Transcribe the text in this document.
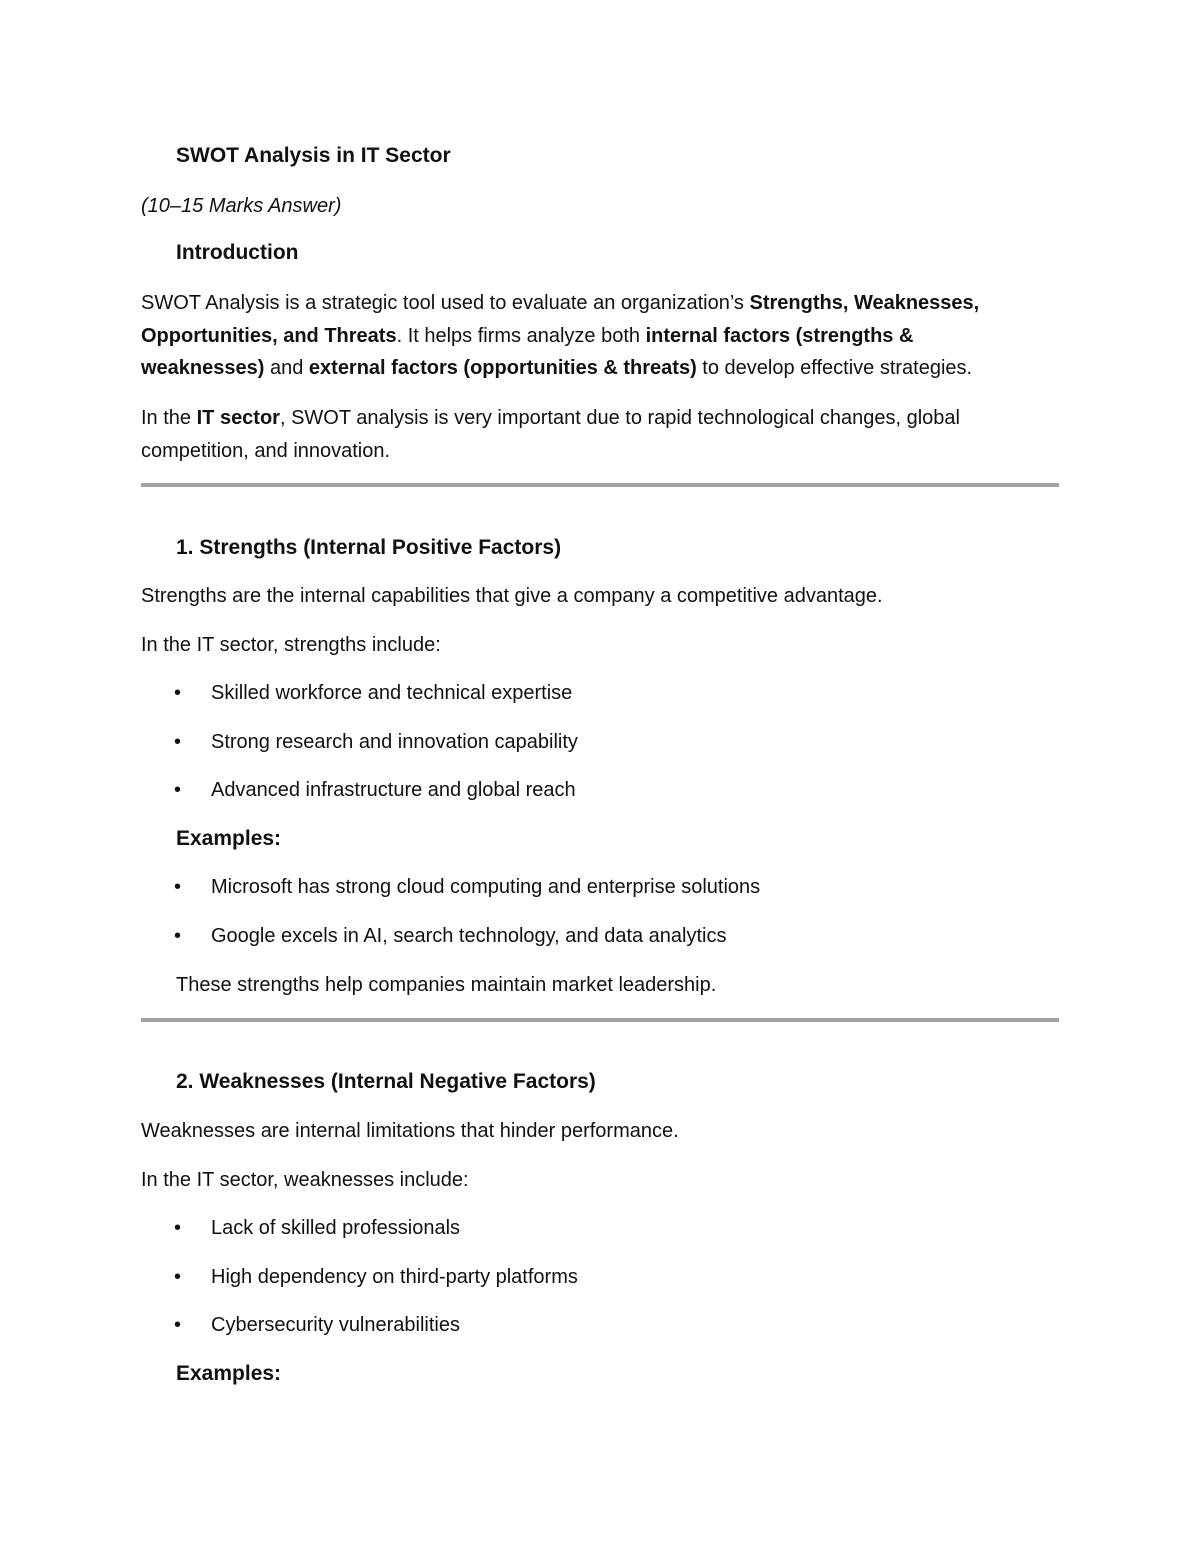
SWOT Analysis in IT Sector
(10–15 Marks Answer)
Introduction
SWOT Analysis is a strategic tool used to evaluate an organization’s Strengths, Weaknesses,
Opportunities, and Threats. It helps firms analyze both internal factors (strengths &
weaknesses) and external factors (opportunities & threats) to develop effective strategies.
In the IT sector, SWOT analysis is very important due to rapid technological changes, global
competition, and innovation.
1. Strengths (Internal Positive Factors)
Strengths are the internal capabilities that give a company a competitive advantage.
In the IT sector, strengths include:
• Skilled workforce and technical expertise
• Strong research and innovation capability
• Advanced infrastructure and global reach
Examples:
• Microsoft has strong cloud computing and enterprise solutions
• Google excels in AI, search technology, and data analytics
These strengths help companies maintain market leadership.
2. Weaknesses (Internal Negative Factors)
Weaknesses are internal limitations that hinder performance.
In the IT sector, weaknesses include:
• Lack of skilled professionals
• High dependency on third-party platforms
• Cybersecurity vulnerabilities
Examples:
